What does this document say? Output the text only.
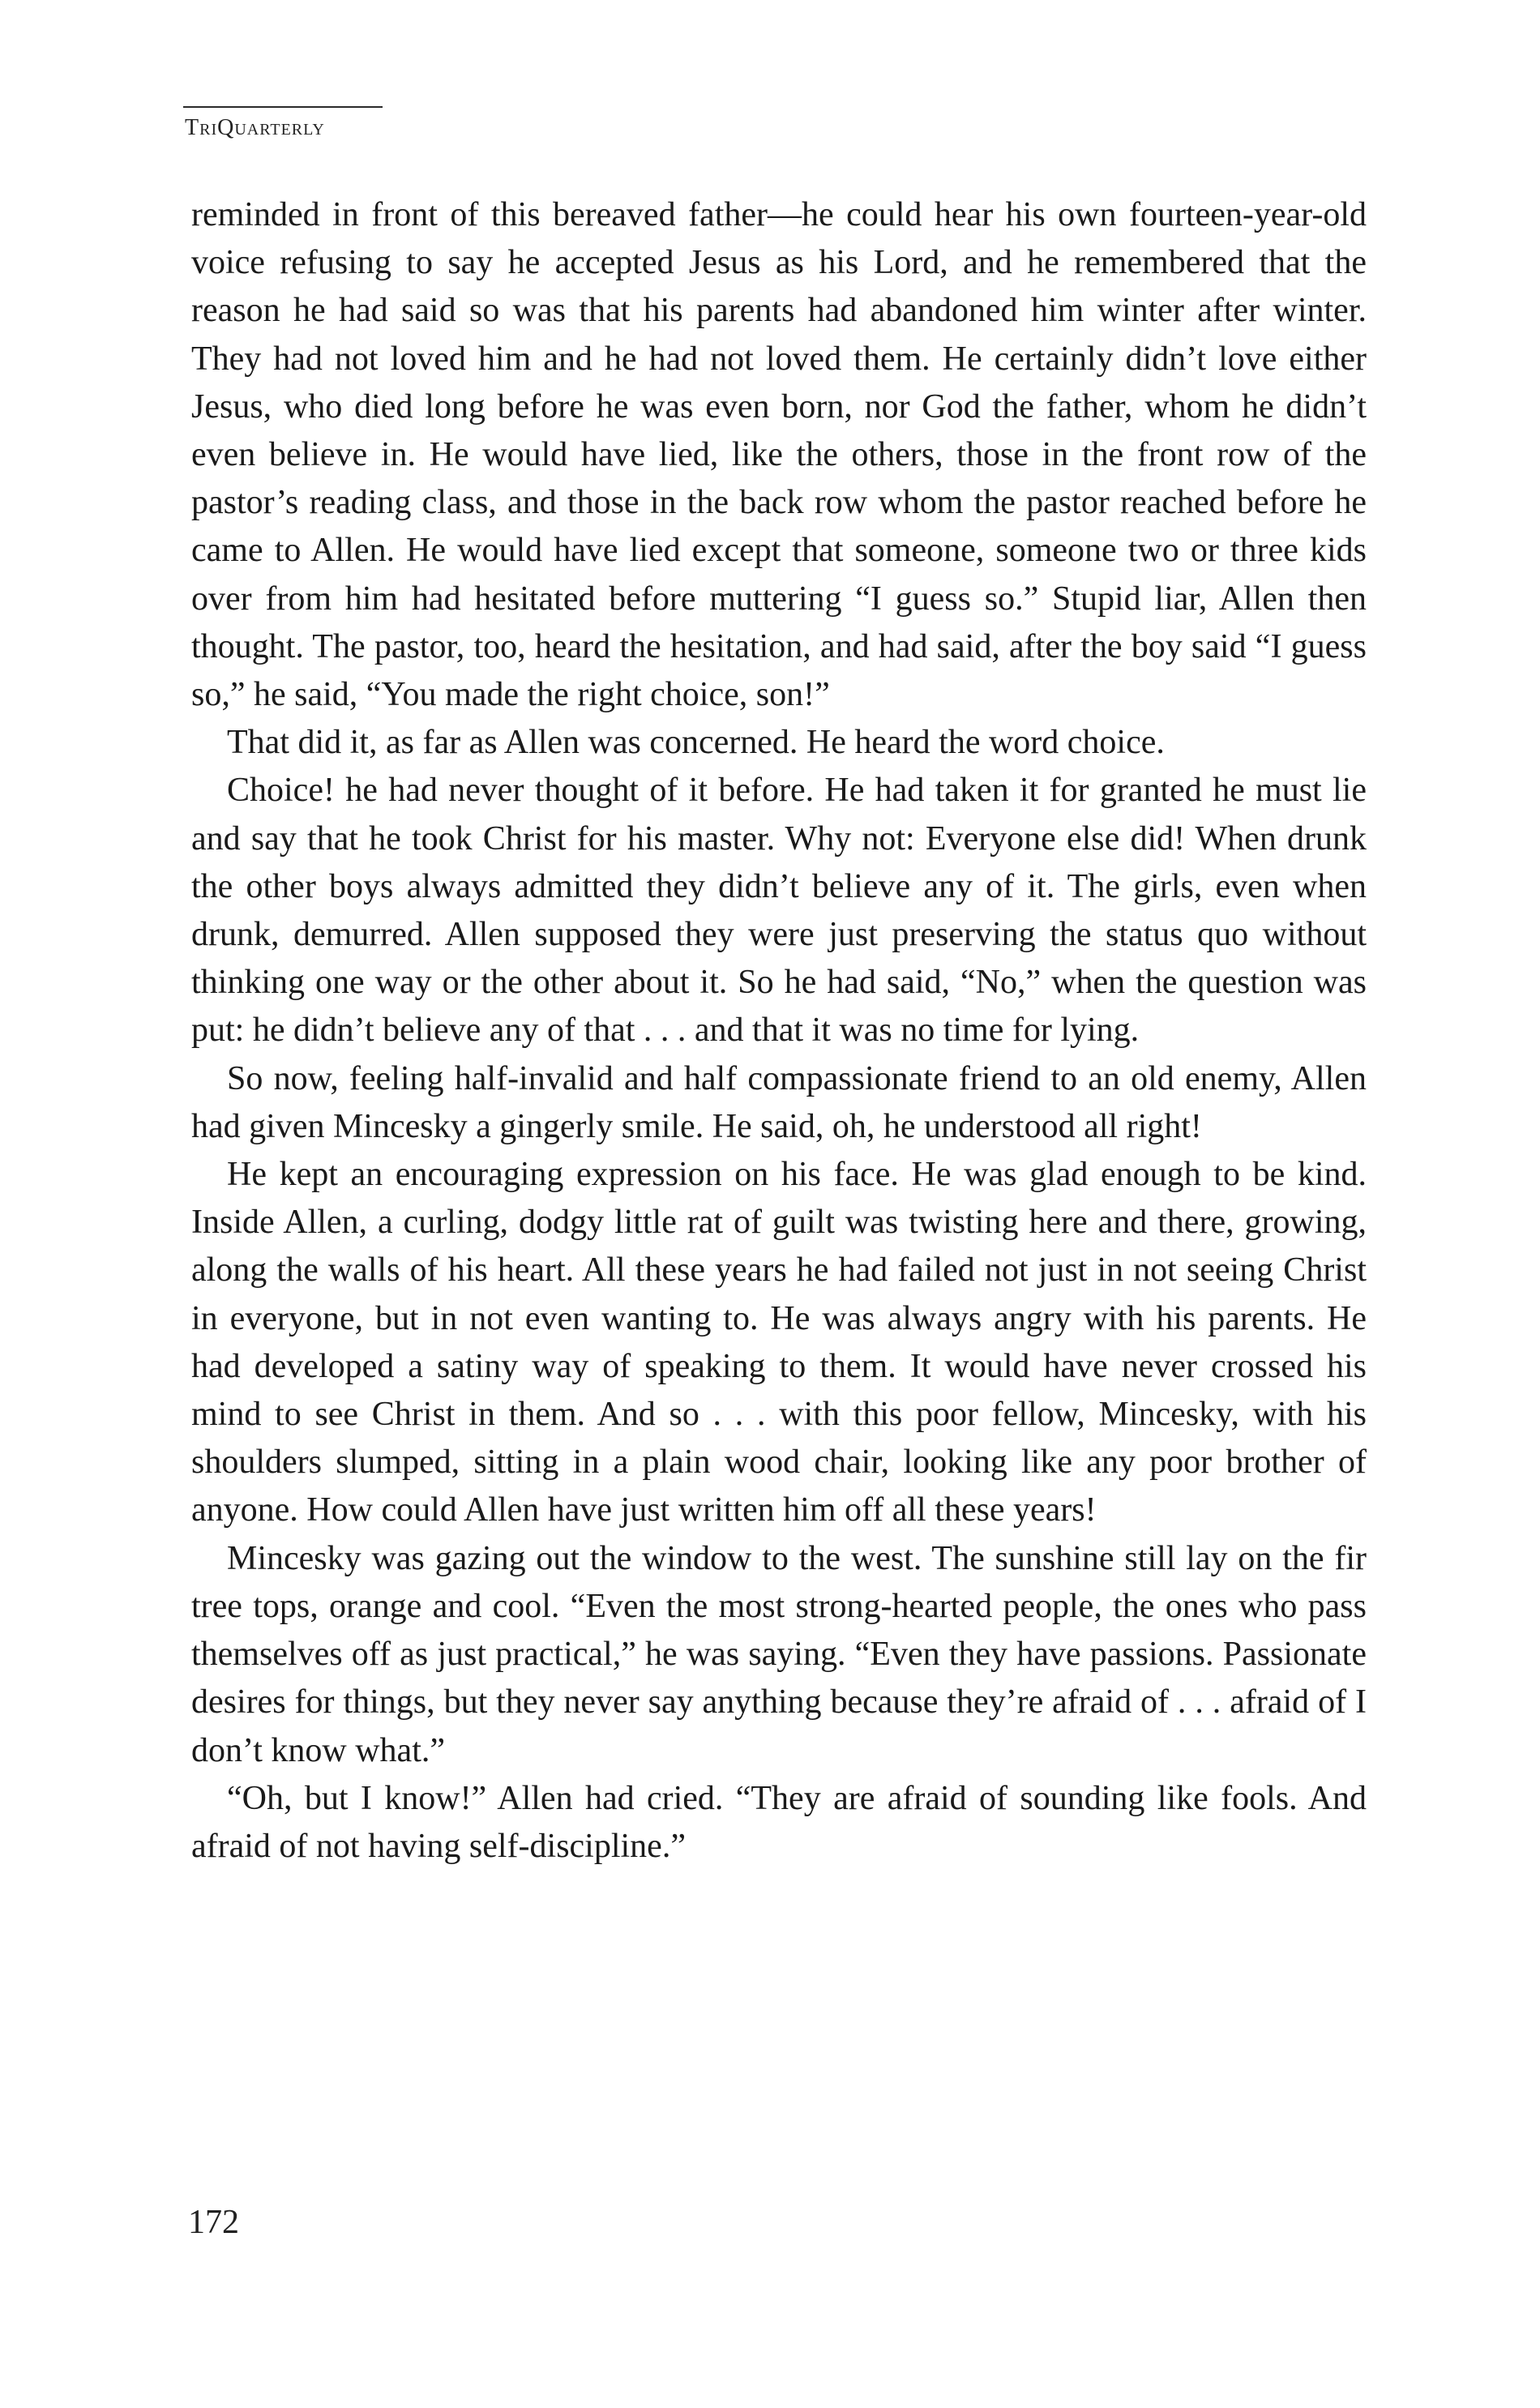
TriQuarterly

reminded in front of this bereaved father—he could hear his own fourteen-year-old voice refusing to say he accepted Jesus as his Lord, and he remembered that the reason he had said so was that his parents had abandoned him winter after winter. They had not loved him and he had not loved them. He certainly didn’t love either Jesus, who died long before he was even born, nor God the father, whom he didn’t even believe in. He would have lied, like the others, those in the front row of the pastor’s reading class, and those in the back row whom the pastor reached before he came to Allen. He would have lied except that someone, someone two or three kids over from him had hesitated before muttering “I guess so.” Stupid liar, Allen then thought. The pastor, too, heard the hesitation, and had said, after the boy said “I guess so,” he said, “You made the right choice, son!”

That did it, as far as Allen was concerned. He heard the word choice.

Choice! he had never thought of it before. He had taken it for granted he must lie and say that he took Christ for his master. Why not: Everyone else did! When drunk the other boys always admitted they didn’t believe any of it. The girls, even when drunk, demurred. Allen supposed they were just preserving the status quo without thinking one way or the other about it. So he had said, “No,” when the question was put: he didn’t believe any of that . . . and that it was no time for lying.

So now, feeling half-invalid and half compassionate friend to an old enemy, Allen had given Mincesky a gingerly smile. He said, oh, he understood all right!

He kept an encouraging expression on his face. He was glad enough to be kind. Inside Allen, a curling, dodgy little rat of guilt was twisting here and there, growing, along the walls of his heart. All these years he had failed not just in not seeing Christ in everyone, but in not even wanting to. He was always angry with his parents. He had developed a satiny way of speaking to them. It would have never crossed his mind to see Christ in them. And so . . . with this poor fellow, Mincesky, with his shoulders slumped, sitting in a plain wood chair, looking like any poor brother of anyone. How could Allen have just written him off all these years!

Mincesky was gazing out the window to the west. The sunshine still lay on the fir tree tops, orange and cool. “Even the most strong-hearted people, the ones who pass themselves off as just practical,” he was saying. “Even they have passions. Passionate desires for things, but they never say anything because they’re afraid of . . . afraid of I don’t know what.”

“Oh, but I know!” Allen had cried. “They are afraid of sounding like fools. And afraid of not having self-discipline.”

172
